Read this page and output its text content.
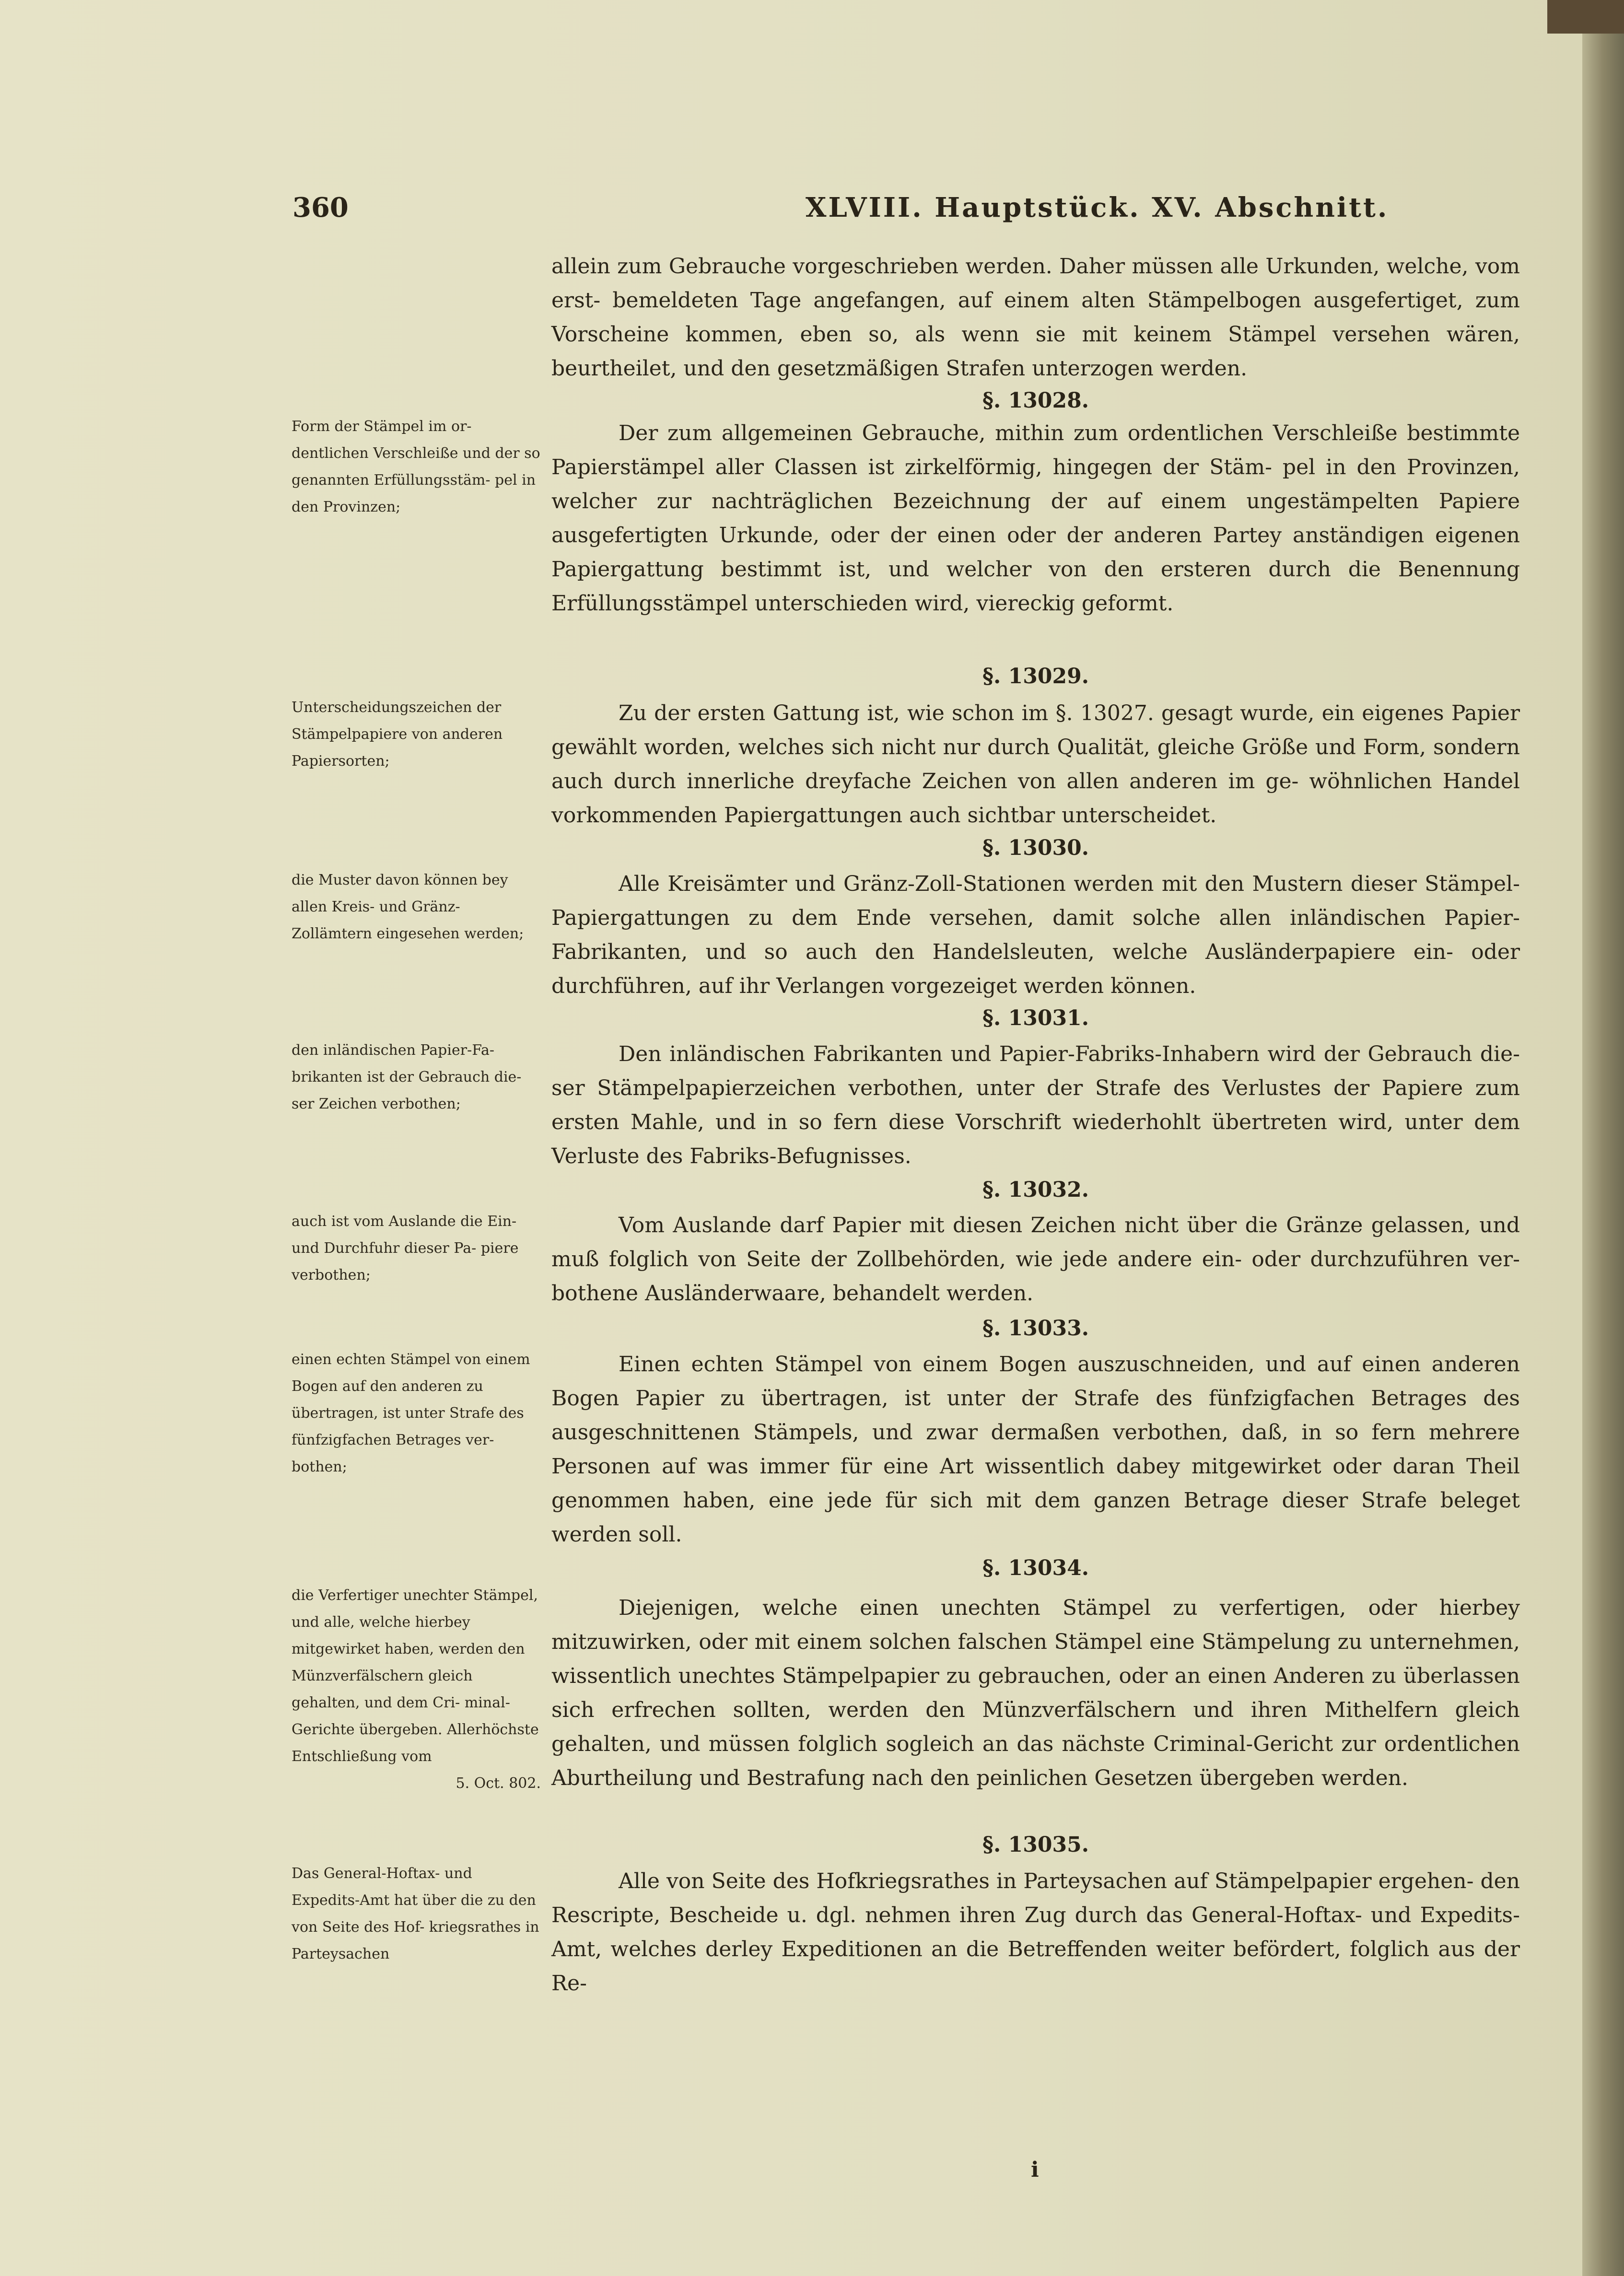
360	XLVIII. Hauptstück. XV. Abschnitt.
allein zum Gebrauche vorgeschrieben werden. Daher müssen alle Urkunden, welche, vom erst- bemeldeten Tage angefangen, auf einem alten Stämpelbogen ausgefertiget, zum Vorscheine kommen, eben so, als wenn sie mit keinem Stämpel versehen wären, beurtheilet, und den gesetzmäßigen Strafen unterzogen werden.
§. 13028.
Form der Stämpel im or- dentlichen Verschleiße und der so genannten Erfüllungsstäm- pel in den Provinzen;
Der zum allgemeinen Gebrauche, mithin zum ordentlichen Verschleiße bestimmte Papierstämpel aller Classen ist zirkelförmig, hingegen der Stäm- pel in den Provinzen, welcher zur nachträglichen Bezeichnung der auf einem ungestämpelten Papiere ausgefertigten Urkunde, oder der einen oder der anderen Partey anständigen eigenen Papiergattung bestimmt ist, und welcher von den ersteren durch die Benennung Erfüllungsstämpel unterschieden wird, viereckig geformt.
§. 13029.
Unterscheidungszeichen der Stämpelpapiere von anderen Papiersorten;
Zu der ersten Gattung ist, wie schon im §. 13027. gesagt wurde, ein eigenes Papier gewählt worden, welches sich nicht nur durch Qualität, gleiche Größe und Form, sondern auch durch innerliche dreyfache Zeichen von allen anderen im ge- wöhnlichen Handel vorkommenden Papiergattungen auch sichtbar unterscheidet.
§. 13030.
die Muster davon können bey allen Kreis- und Gränz- Zollämtern eingesehen werden;
Alle Kreisämter und Gränz-Zoll-Stationen werden mit den Mustern dieser Stämpel- Papiergattungen zu dem Ende versehen, damit solche allen inländischen Papier-Fabrikanten, und so auch den Handelsleuten, welche Ausländerpapiere ein- oder durchführen, auf ihr Verlangen vorgezeiget werden können.
§. 13031.
den inländischen Papier-Fa- brikanten ist der Gebrauch die- ser Zeichen verbothen;
Den inländischen Fabrikanten und Papier-Fabriks-Inhabern wird der Gebrauch die- ser Stämpelpapierzeichen verbothen, unter der Strafe des Verlustes der Papiere zum ersten Mahle, und in so fern diese Vorschrift wiederhohlt übertreten wird, unter dem Verluste des Fabriks-Befugnisses.
§. 13032.
auch ist vom Auslande die Ein- und Durchfuhr dieser Pa- piere verbothen;
Vom Auslande darf Papier mit diesen Zeichen nicht über die Gränze gelassen, und muß folglich von Seite der Zollbehörden, wie jede andere ein- oder durchzuführen ver- bothene Ausländerwaare, behandelt werden.
§. 13033.
einen echten Stämpel von einem Bogen auf den anderen zu übertragen, ist unter Strafe des fünfzigfachen Betrages ver- bothen;
Einen echten Stämpel von einem Bogen auszuschneiden, und auf einen anderen Bogen Papier zu übertragen, ist unter der Strafe des fünfzigfachen Betrages des ausgeschnittenen Stämpels, und zwar dermaßen verbothen, daß, in so fern mehrere Personen auf was immer für eine Art wissentlich dabey mitgewirket oder daran Theil genommen haben, eine jede für sich mit dem ganzen Betrage dieser Strafe beleget werden soll.
§. 13034.
die Verfertiger unechter Stämpel, und alle, welche hierbey mitgewirket haben, werden den Münzverfälschern gleich gehalten, und dem Cri- minal-Gerichte übergeben. Allerhöchste Entschließung vom
5. Oct. 802.
Diejenigen, welche einen unechten Stämpel zu verfertigen, oder hierbey mitzuwirken, oder mit einem solchen falschen Stämpel eine Stämpelung zu unternehmen, wissentlich unechtes Stämpelpapier zu gebrauchen, oder an einen Anderen zu überlassen sich erfrechen sollten, werden den Münzverfälschern und ihren Mithelfern gleich gehalten, und müssen folglich sogleich an das nächste Criminal-Gericht zur ordentlichen Aburtheilung und Bestrafung nach den peinlichen Gesetzen übergeben werden.
§. 13035.
Das General-Hoftax- und Expedits-Amt hat über die zu den von Seite des Hof- kriegsrathes in Parteysachen
Alle von Seite des Hofkriegsrathes in Parteysachen auf Stämpelpapier ergehen- den Rescripte, Bescheide u. dgl. nehmen ihren Zug durch das General-Hoftax- und Expedits- Amt, welches derley Expeditionen an die Betreffenden weiter befördert, folglich aus der Re-
i
